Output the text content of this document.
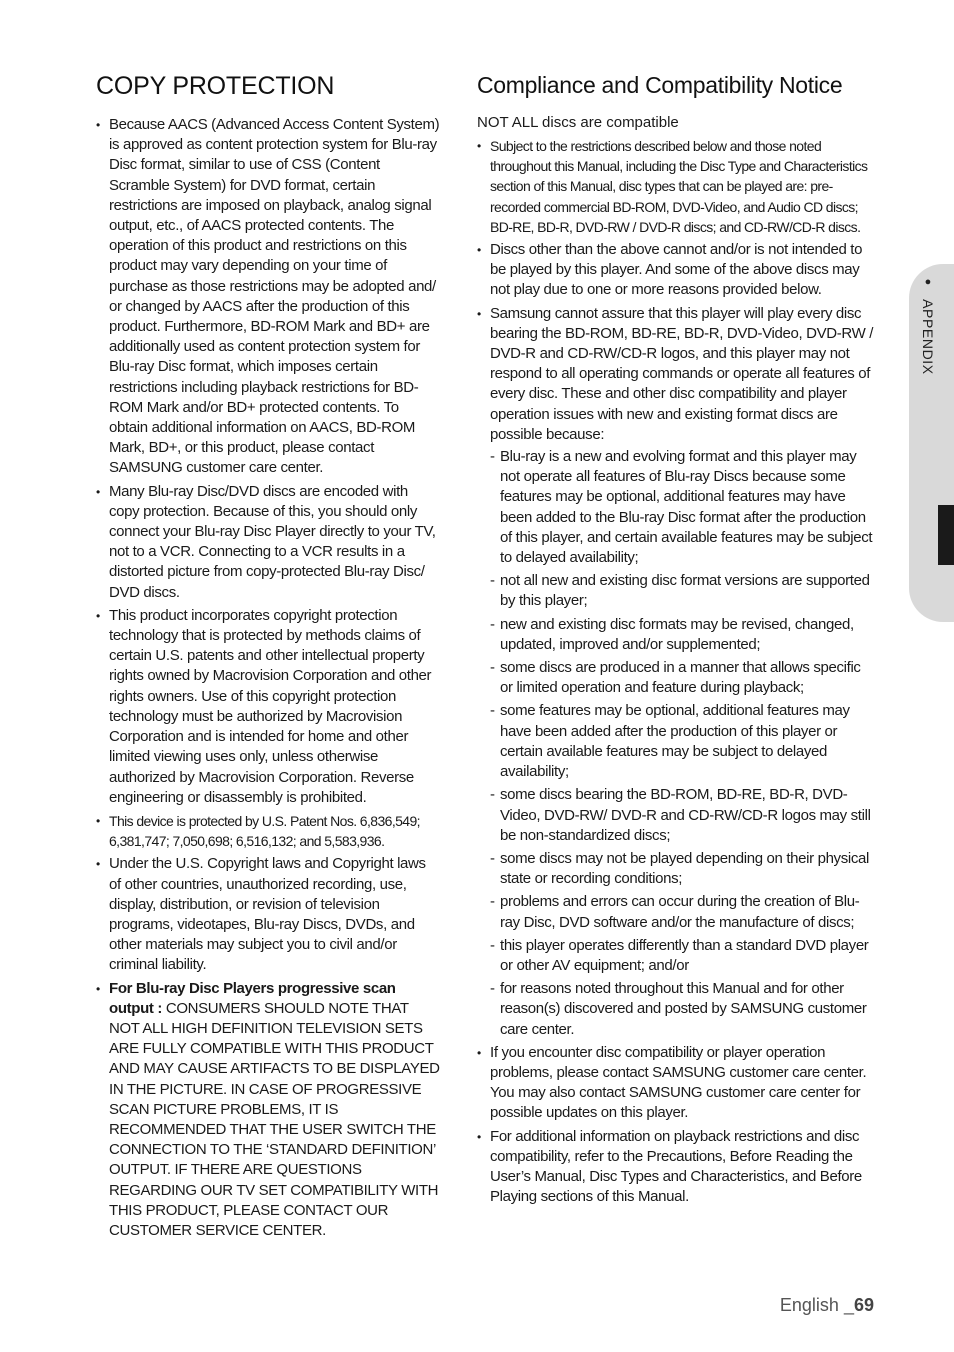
● APPENDIX
COPY PROTECTION
• Because AACS (Advanced Access Content System) is approved as content protection system for Blu-ray Disc format, similar to use of CSS (Content Scramble System) for DVD format, certain restrictions are imposed on playback, analog signal output, etc., of AACS protected contents. The operation of this product and restrictions on this product may vary depending on your time of purchase as those restrictions may be adopted and/ or changed by AACS after the production of this product. Furthermore, BD-ROM Mark and BD+ are additionally used as content protection system for Blu-ray Disc format, which imposes certain restrictions including playback restrictions for BD-ROM Mark and/or BD+ protected contents. To obtain additional information on AACS, BD-ROM Mark, BD+, or this product, please contact SAMSUNG customer care center.
• Many Blu-ray Disc/DVD discs are encoded with copy protection. Because of this, you should only connect your Blu-ray Disc Player directly to your TV, not to a VCR. Connecting to a VCR results in a distorted picture from copy-protected Blu-ray Disc/ DVD discs.
• This product incorporates copyright protection technology that is protected by methods claims of certain U.S. patents and other intellectual property rights owned by Macrovision Corporation and other rights owners. Use of this copyright protection technology must be authorized by Macrovision Corporation and is intended for home and other limited viewing uses only, unless otherwise authorized by Macrovision Corporation. Reverse engineering or disassembly is prohibited.
• This device is protected by U.S. Patent Nos. 6,836,549; 6,381,747; 7,050,698; 6,516,132; and 5,583,936.
• Under the U.S. Copyright laws and Copyright laws of other countries, unauthorized recording, use, display, distribution, or revision of television programs, videotapes, Blu-ray Discs, DVDs, and other materials may subject you to civil and/or criminal liability.
• For Blu-ray Disc Players progressive scan output : CONSUMERS SHOULD NOTE THAT NOT ALL HIGH DEFINITION TELEVISION SETS ARE FULLY COMPATIBLE WITH THIS PRODUCT AND MAY CAUSE ARTIFACTS TO BE DISPLAYED IN THE PICTURE. IN CASE OF PROGRESSIVE SCAN PICTURE PROBLEMS, IT IS RECOMMENDED THAT THE USER SWITCH THE CONNECTION TO THE ‘STANDARD DEFINITION’ OUTPUT. IF THERE ARE QUESTIONS REGARDING OUR TV SET COMPATIBILITY WITH THIS PRODUCT, PLEASE CONTACT OUR CUSTOMER SERVICE CENTER.
Compliance and Compatibility Notice

NOT ALL discs are compatible

• Subject to the restrictions described below and those noted throughout this Manual, including the Disc Type and Characteristics section of this Manual, disc types that can be played are: pre-recorded commercial BD-ROM, DVD-Video, and Audio CD discs; BD-RE, BD-R, DVD-RW / DVD-R discs; and CD-RW/CD-R discs.
• Discs other than the above cannot and/or is not intended to be played by this player. And some of the above discs may not play due to one or more reasons provided below.
• Samsung cannot assure that this player will play every disc bearing the BD-ROM, BD-RE, BD-R, DVD-Video, DVD-RW / DVD-R and CD-RW/CD-R logos, and this player may not respond to all operating commands or operate all features of every disc. These and other disc compatibility and player operation issues with new and existing format discs are possible because:
- Blu-ray is a new and evolving format and this player may not operate all features of Blu-ray Discs because some features may be optional, additional features may have been added to the Blu-ray Disc format after the production of this player, and certain available features may be subject to delayed availability;
- not all new and existing disc format versions are supported by this player;
- new and existing disc formats may be revised, changed, updated, improved and/or supplemented;
- some discs are produced in a manner that allows specific or limited operation and feature during playback;
- some features may be optional, additional features may have been added after the production of this player or certain available features may be subject to delayed availability;
- some discs bearing the BD-ROM, BD-RE, BD-R, DVD-Video, DVD-RW/ DVD-R and CD-RW/CD-R logos may still be non-standardized discs;
- some discs may not be played depending on their physical state or recording conditions;
- problems and errors can occur during the creation of Blu-ray Disc, DVD software and/or the manufacture of discs;
- this player operates differently than a standard DVD player or other AV equipment; and/or
- for reasons noted throughout this Manual and for other reason(s) discovered and posted by SAMSUNG customer care center.
• If you encounter disc compatibility or player operation problems, please contact SAMSUNG customer care center. You may also contact SAMSUNG customer care center for possible updates on this player.
• For additional information on playback restrictions and disc compatibility, refer to the Precautions, Before Reading the User’s Manual, Disc Types and Characteristics, and Before Playing sections of this Manual.
English _69
